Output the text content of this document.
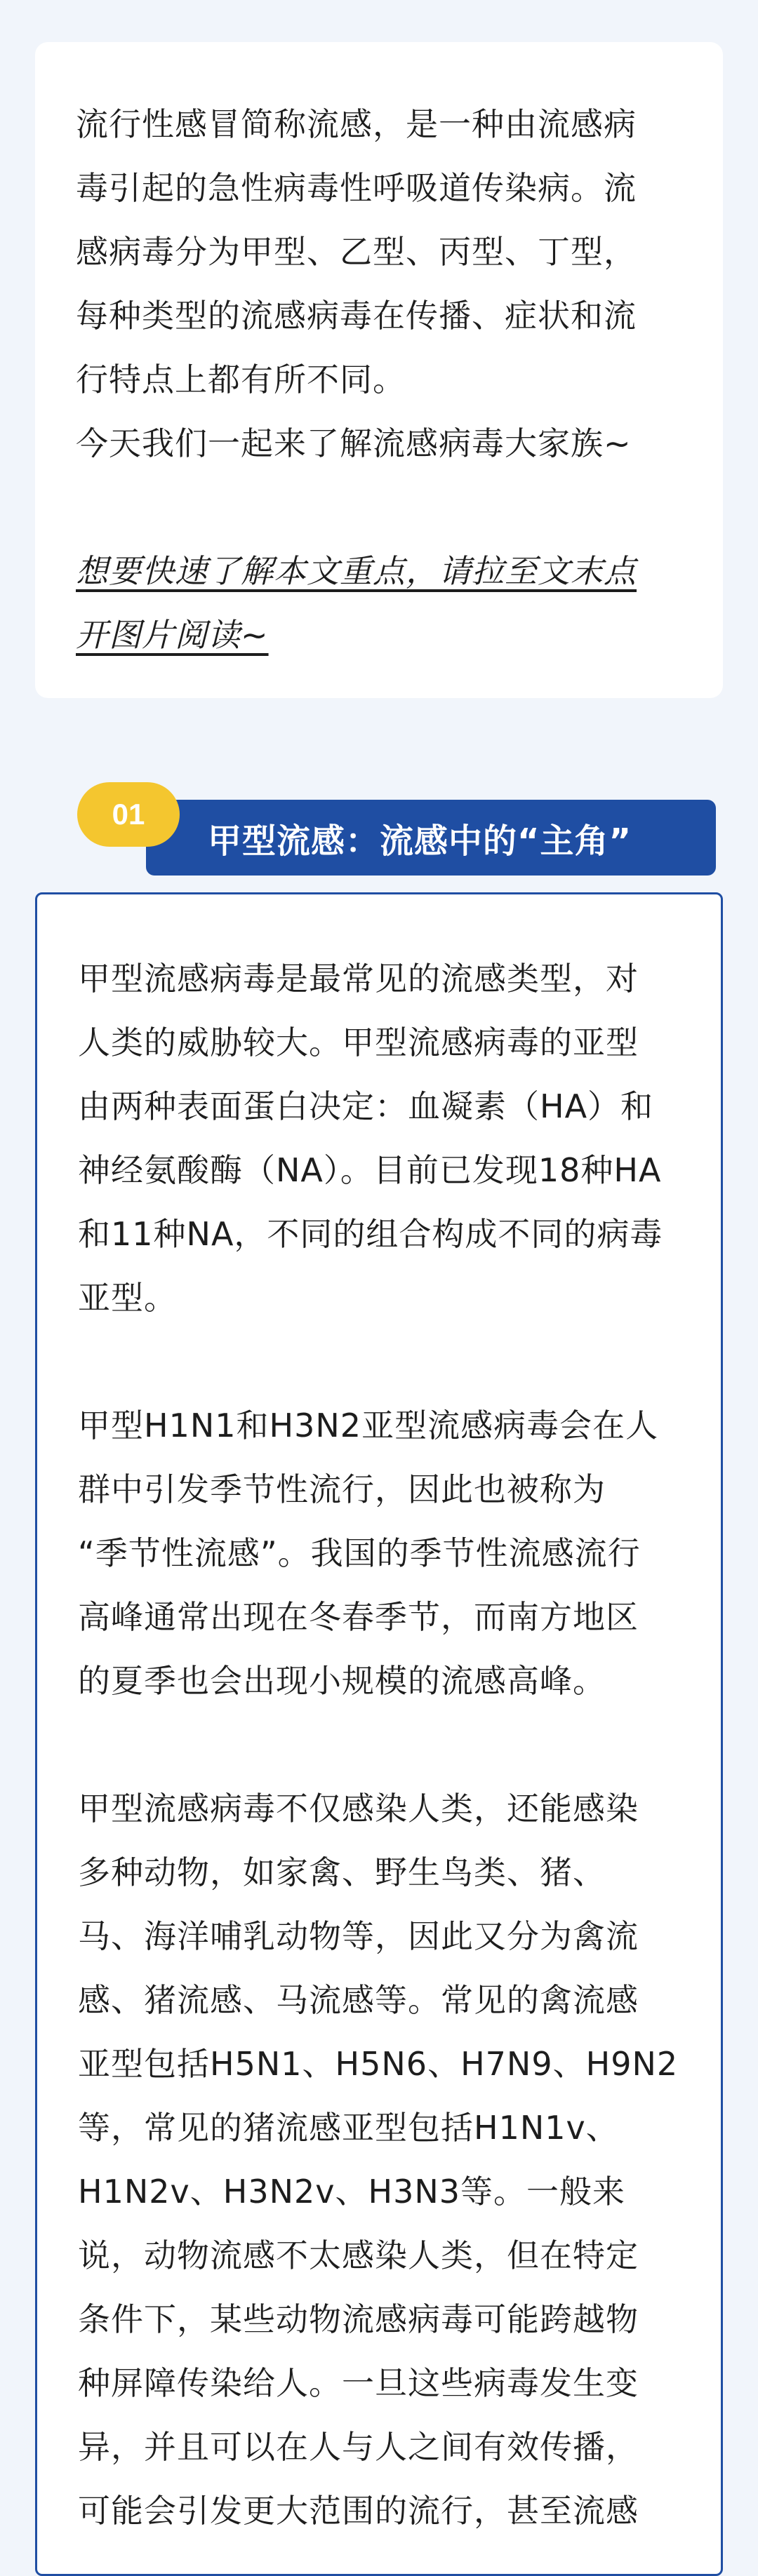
流行性感冒简称流感，是一种由流感病

毒引起的急性病毒性呼吸道传染病。流

感病毒分为甲型、乙型、丙型、丁型，

每种类型的流感病毒在传播、症状和流

行特点上都有所不同。

今天我们一起来了解流感病毒大家族~

想要快速了解本文重点，请拉至文末点

开图片阅读~

甲型流感：流感中的“主角”
01

甲型流感病毒是最常见的流感类型，对

人类的威胁较大。甲型流感病毒的亚型

由两种表面蛋白决定：血凝素（HA）和

神经氨酸酶（NA）。目前已发现18种HA

和11种NA，不同的组合构成不同的病毒

亚型。

甲型H1N1和H3N2亚型流感病毒会在人

群中引发季节性流行，因此也被称为

“季节性流感”。我国的季节性流感流行

高峰通常出现在冬春季节，而南方地区

的夏季也会出现小规模的流感高峰。

甲型流感病毒不仅感染人类，还能感染

多种动物，如家禽、野生鸟类、猪、

马、海洋哺乳动物等，因此又分为禽流

感、猪流感、马流感等。常见的禽流感

亚型包括H5N1、H5N6、H7N9、H9N2

等，常见的猪流感亚型包括H1N1v、

H1N2v、H3N2v、H3N3等。一般来

说，动物流感不太感染人类，但在特定

条件下，某些动物流感病毒可能跨越物

种屏障传染给人。一旦这些病毒发生变

异，并且可以在人与人之间有效传播，

可能会引发更大范围的流行，甚至流感
